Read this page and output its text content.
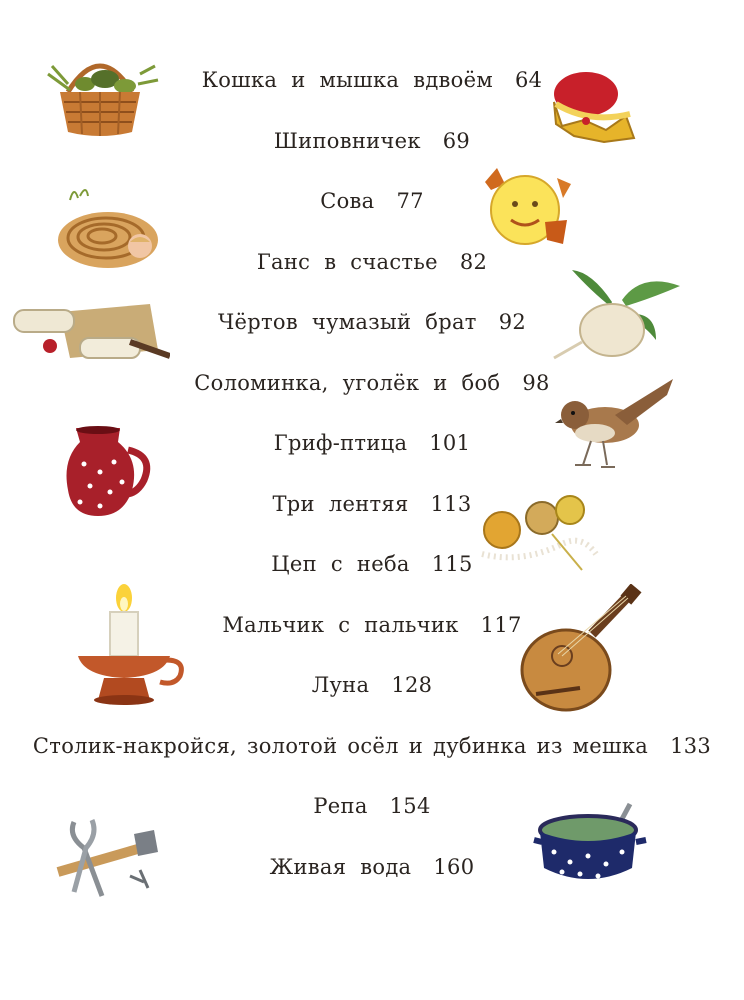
Кошка и мышка вдвоём 64
Шиповничек 69
Сова 77
Ганс в счастье 82
Чёртов чумазый брат 92
Соломинка, уголёк и боб 98
Гриф-птица 101
Три лентяя 113
Цеп с неба 115
Мальчик с пальчик 117
Луна 128
Столик-накройся, золотой осёл и дубинка из мешка 133
Репа 154
Живая вода 160
